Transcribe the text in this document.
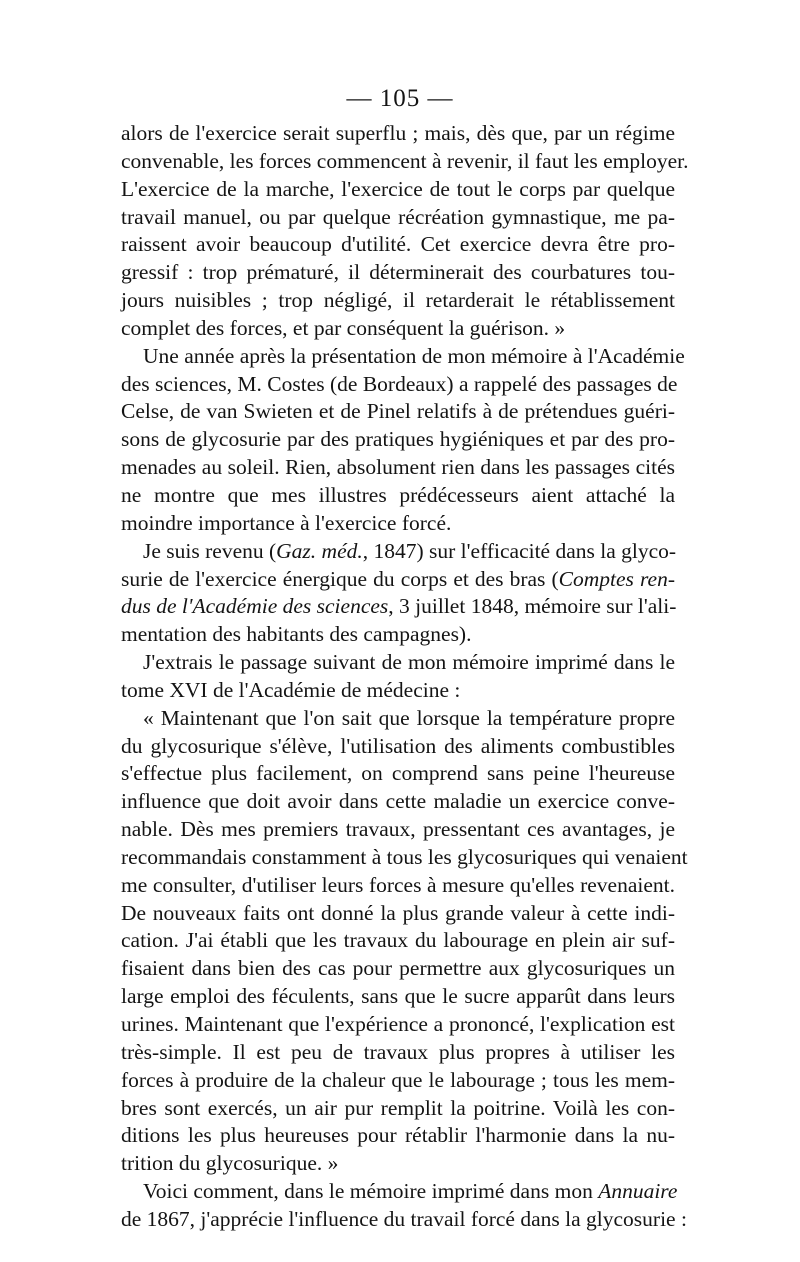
— 105 —
alors de l'exercice serait superflu ; mais, dès que, par un régime
convenable, les forces commencent à revenir, il faut les employer.
L'exercice de la marche, l'exercice de tout le corps par quelque
travail manuel, ou par quelque récréation gymnastique, me pa-
raissent avoir beaucoup d'utilité. Cet exercice devra être pro-
gressif : trop prématuré, il déterminerait des courbatures tou-
jours nuisibles ; trop négligé, il retarderait le rétablissement
complet des forces, et par conséquent la guérison. »
Une année après la présentation de mon mémoire à l'Académie
des sciences, M. Costes (de Bordeaux) a rappelé des passages de
Celse, de van Swieten et de Pinel relatifs à de prétendues guéri-
sons de glycosurie par des pratiques hygiéniques et par des pro-
menades au soleil. Rien, absolument rien dans les passages cités
ne montre que mes illustres prédécesseurs aient attaché la
moindre importance à l'exercice forcé.
Je suis revenu (Gaz. méd., 1847) sur l'efficacité dans la glyco-
surie de l'exercice énergique du corps et des bras (Comptes ren-
dus de l'Académie des sciences, 3 juillet 1848, mémoire sur l'ali-
mentation des habitants des campagnes).
J'extrais le passage suivant de mon mémoire imprimé dans le
tome XVI de l'Académie de médecine :
« Maintenant que l'on sait que lorsque la température propre
du glycosurique s'élève, l'utilisation des aliments combustibles
s'effectue plus facilement, on comprend sans peine l'heureuse
influence que doit avoir dans cette maladie un exercice conve-
nable. Dès mes premiers travaux, pressentant ces avantages, je
recommandais constamment à tous les glycosuriques qui venaient
me consulter, d'utiliser leurs forces à mesure qu'elles revenaient.
De nouveaux faits ont donné la plus grande valeur à cette indi-
cation. J'ai établi que les travaux du labourage en plein air suf-
fisaient dans bien des cas pour permettre aux glycosuriques un
large emploi des féculents, sans que le sucre apparût dans leurs
urines. Maintenant que l'expérience a prononcé, l'explication est
très-simple. Il est peu de travaux plus propres à utiliser les
forces à produire de la chaleur que le labourage ; tous les mem-
bres sont exercés, un air pur remplit la poitrine. Voilà les con-
ditions les plus heureuses pour rétablir l'harmonie dans la nu-
trition du glycosurique. »
Voici comment, dans le mémoire imprimé dans mon Annuaire
de 1867, j'apprécie l'influence du travail forcé dans la glycosurie :
